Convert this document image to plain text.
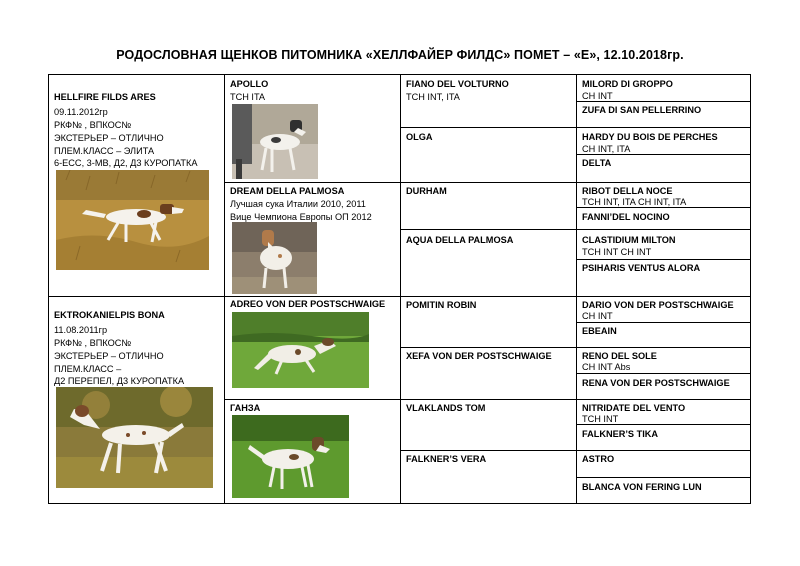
РОДОСЛОВНАЯ ЩЕНКОВ ПИТОМНИКА «ХЕЛЛФАЙЕР ФИЛДС» ПОМЕТ – «Е», 12.10.2018гр.
HELLFIRE FILDS ARES
09.11.2012гр
РКФ№ , ВПКОС№
ЭКСТЕРЬЕР – ОТЛИЧНО
ПЛЕМ.КЛАСС – ЭЛИТА
6-ЕСС, 3-МВ, Д2, Д3 КУРОПАТКА
EKTROKANIELPIS BONA
11.08.2011гр
РКФ№ , ВПКОС№
ЭКСТЕРЬЕР – ОТЛИЧНО
ПЛЕМ.КЛАСС –
Д2 ПЕРЕПЕЛ, Д3 КУРОПАТКА
APOLLO
TCH ITA
DREAM DELLA PALMOSA
Лучшая сука Италии 2010, 2011
Вице Чемпиона Европы ОП 2012
ADREO VON DER POSTSCHWAIGE
ГАНЗА
FIANO DEL VOLTURNO
TCH INT, ITA
OLGA
DURHAM
AQUA DELLA PALMOSA
POMITIN ROBIN
XEFA VON DER POSTSCHWAIGE
VLAKLANDS TOM
FALKNER’S VERA
MILORD DI GROPPO
CH INT
ZUFA DI SAN PELLERRINO
HARDY DU BOIS DE PERCHES
CH INT, ITA
DELTA
RIBOT DELLA NOCE
TCH INT, ITA CH INT, ITA
FANNI’DEL NOCINO
CLASTIDIUM MILTON
TCH INT CH INT
PSIHARIS VENTUS ALORA
DARIO VON DER POSTSCHWAIGE
CH INT
EBEAIN
RENO DEL SOLE
CH INT Abs
RENA VON DER POSTSCHWAIGE
NITRIDATE DEL VENTO
TCH INT
FALKNER’S TIKA
ASTRO
BLANCA VON FERING LUN
